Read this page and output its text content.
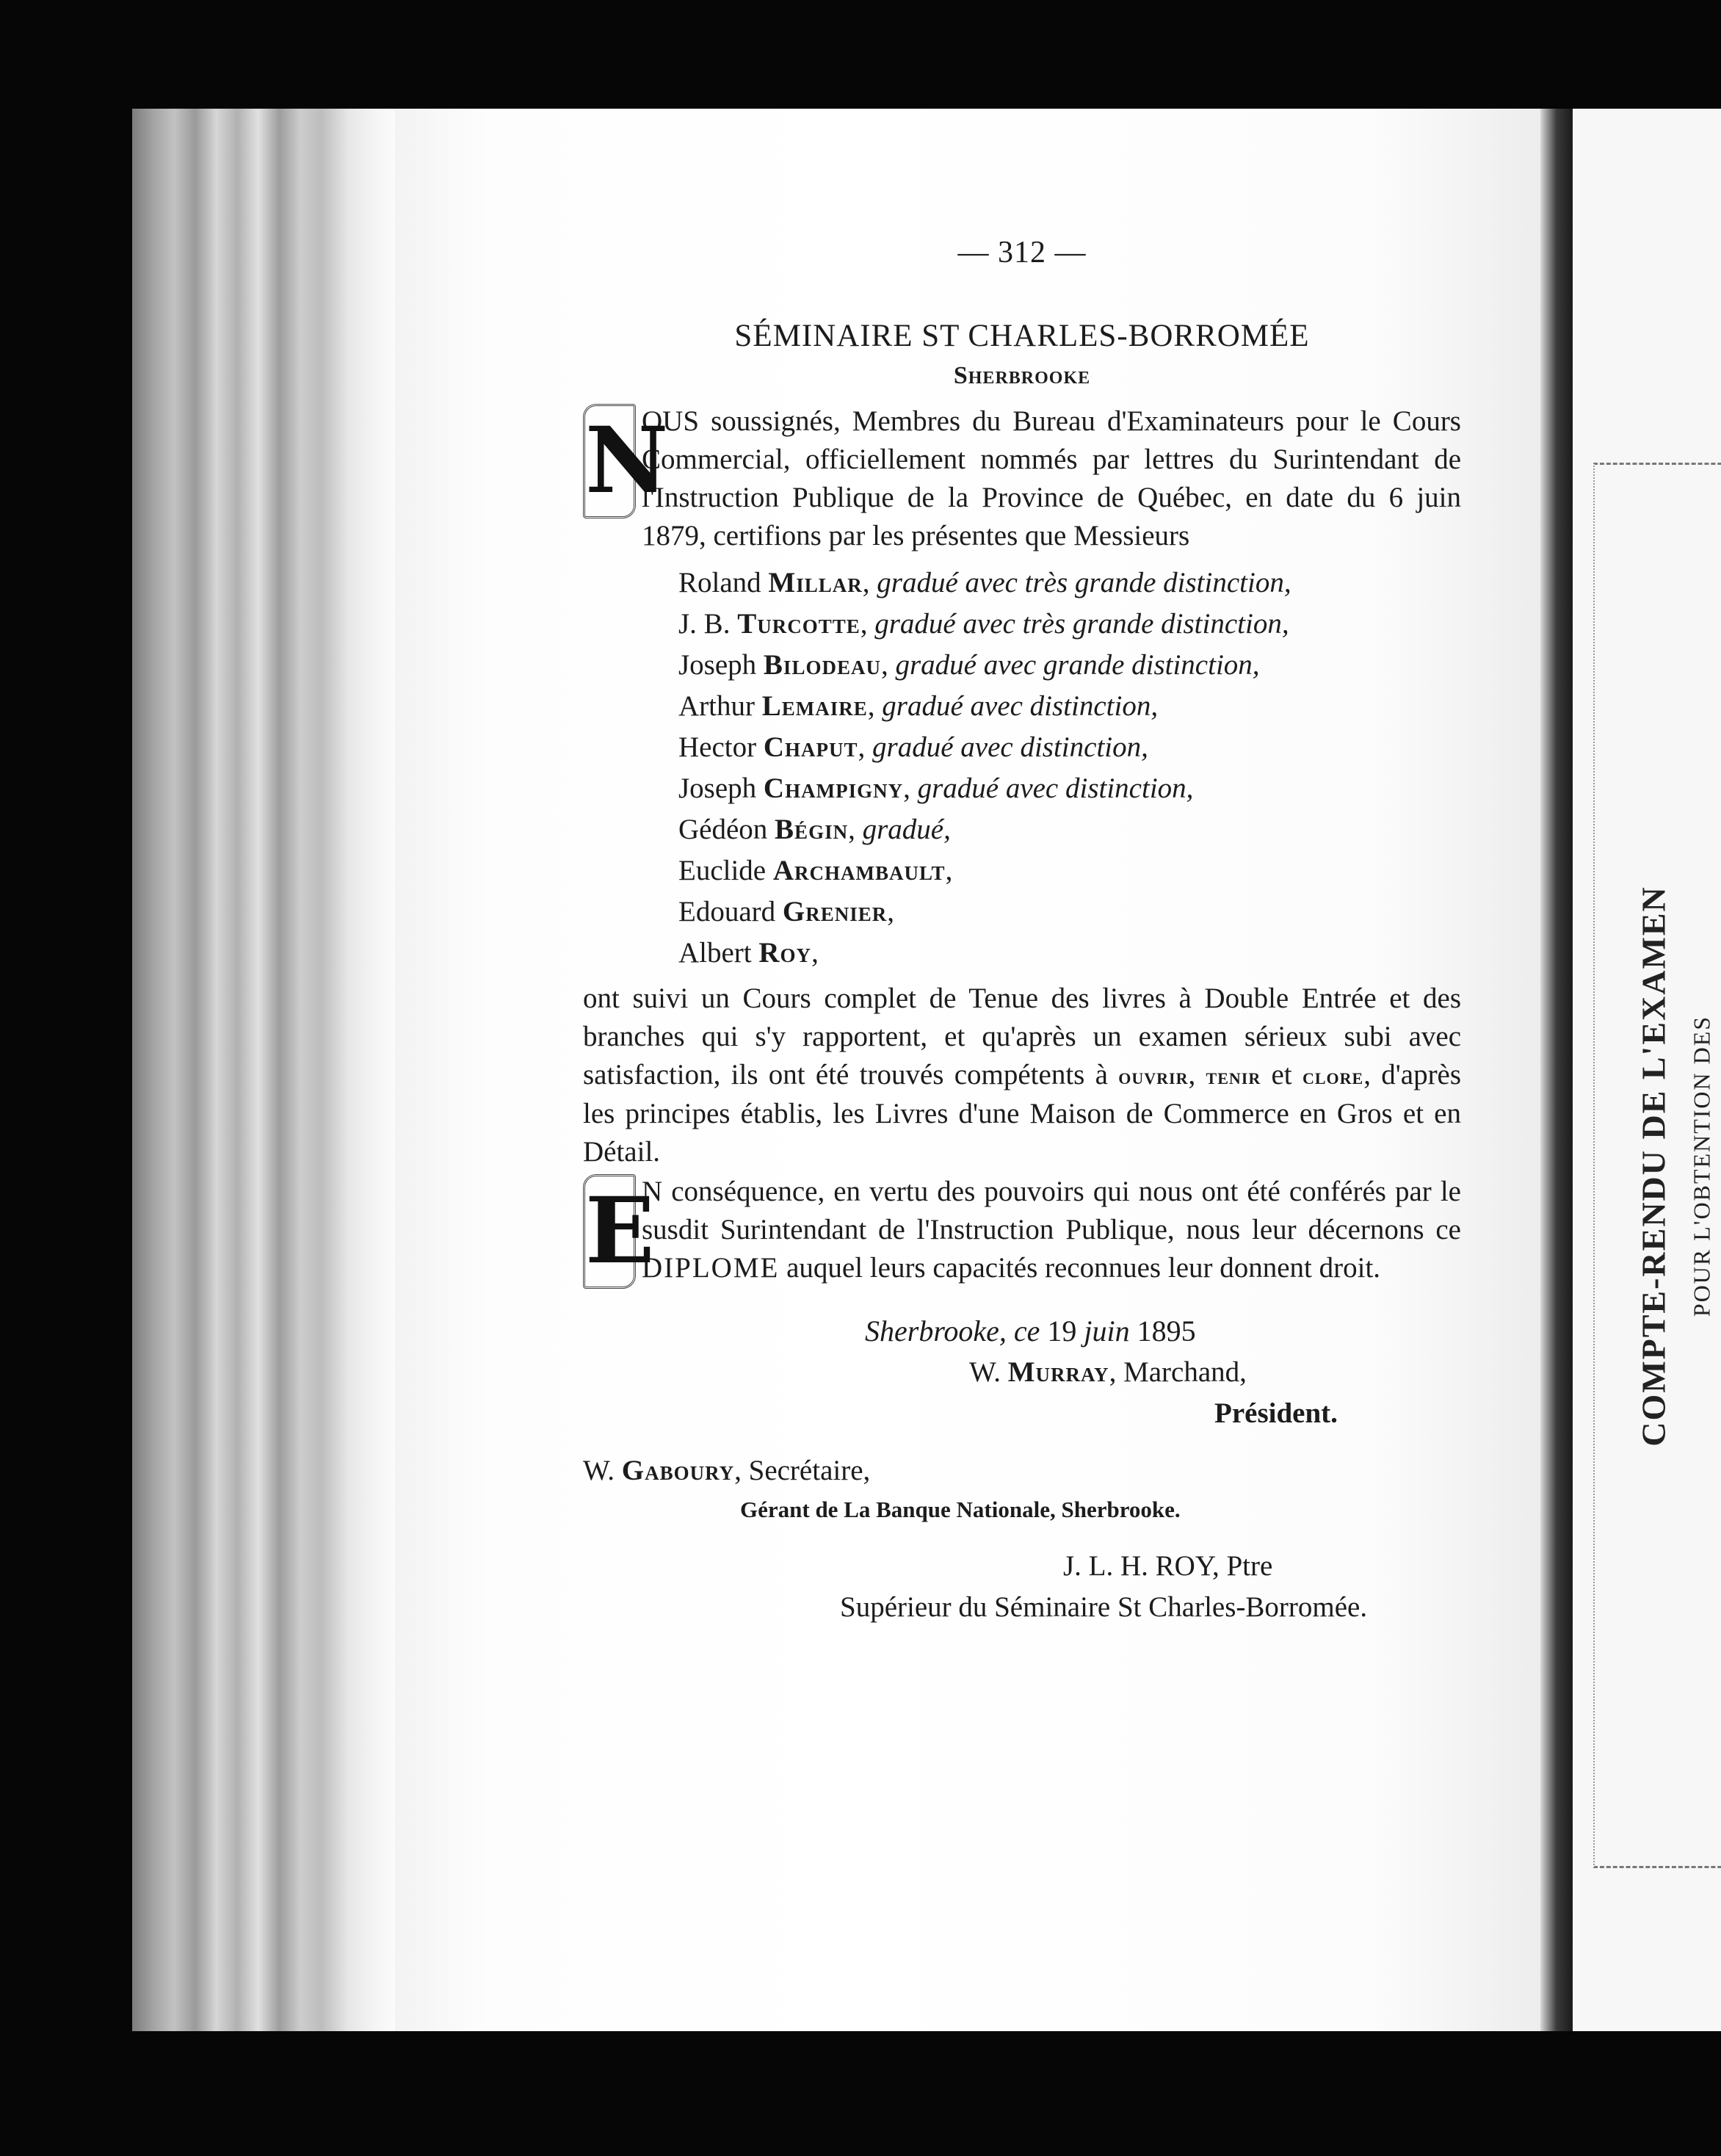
COMPTE-RENDU DE L'EXAMEN POUR L'OBTENTION DES
— 312 —
SÉMINAIRE ST CHARLES-BORROMÉE
Sherbrooke

N
OUS soussignés, Membres du Bureau d'Examinateurs pour le Cours Commercial, officiellement nommés par lettres du Surintendant de l'Instruction Publique de la Province de Québec, en date du 6 juin 1879, certifions par les présentes que Messieurs

Roland Millar, gradué avec très grande distinction,
J. B. Turcotte, gradué avec très grande distinction,
Joseph Bilodeau, gradué avec grande distinction,
Arthur Lemaire, gradué avec distinction,
Hector Chaput, gradué avec distinction,
Joseph Champigny, gradué avec distinction,
Gédéon Bégin, gradué,
Euclide Archambault,
Edouard Grenier,
Albert Roy,

ont suivi un Cours complet de Tenue des livres à Double Entrée et des branches qui s'y rapportent, et qu'après un examen sérieux subi avec satisfaction, ils ont été trouvés compétents à ouvrir, tenir et clore, d'après les principes établis, les Livres d'une Maison de Commerce en Gros et en Détail.

E
N conséquence, en vertu des pouvoirs qui nous ont été conférés par le susdit Surintendant de l'Instruction Publique, nous leur décernons ce DIPLOME auquel leurs capacités reconnues leur donnent droit.

Sherbrooke, ce 19 juin 1895
W. Murray, Marchand,
Président.
W. Gaboury, Secrétaire,
Gérant de La Banque Nationale, Sherbrooke.
J. L. H. ROY, Ptre
Supérieur du Séminaire St Charles-Borromée.
